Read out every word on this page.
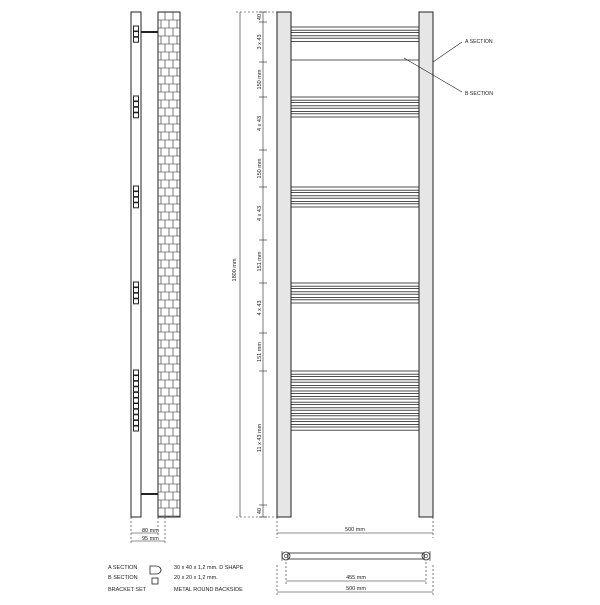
80 mm
95 mm
A SECTION
B SECTION
1800 mm
40
3 x 43
150 mm
4 x 43
150 mm
4 x 43
151 mm
4 x 43
151 mm
11 x 43 mm
40
500 mm
455 mm
500 mm
A SECTION
B SECTION
BRACKET SET
30 x 40 x 1,2 mm. D SHAPE
20 x 20 x 1,2 mm.
METAL ROUND BACKSIDE
